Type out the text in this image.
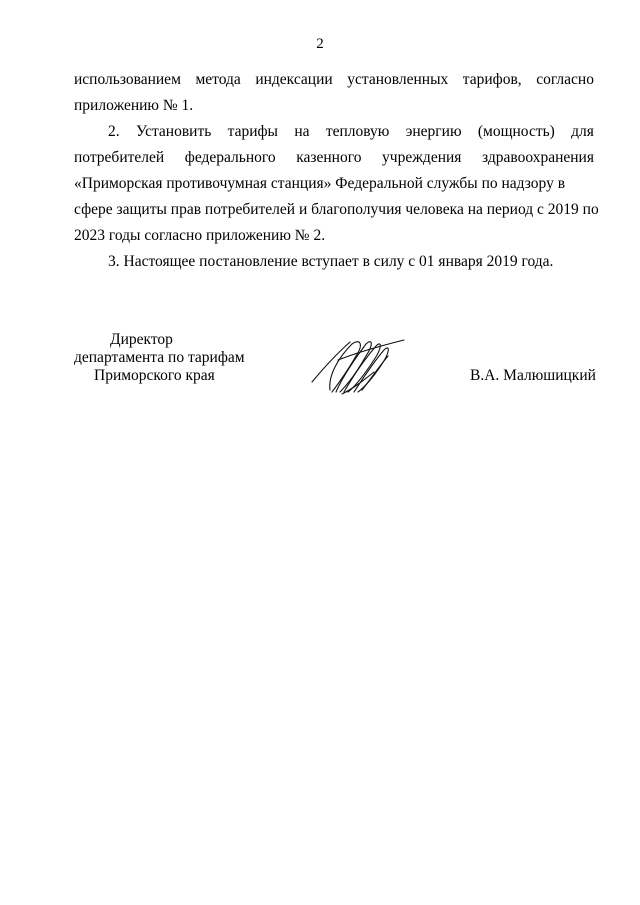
2
использованием метода индексации установленных тарифов, согласно
приложению № 1.
2. Установить тарифы на тепловую энергию (мощность) для
потребителей федерального казенного учреждения здравоохранения
«Приморская противочумная станция» Федеральной службы по надзору в
сфере защиты прав потребителей и благополучия человека на период с 2019 по
2023 годы согласно приложению № 2.
3. Настоящее постановление вступает в силу с 01 января 2019 года.
Директор
департамента по тарифам
Приморского края	В.А. Малюшицкий
